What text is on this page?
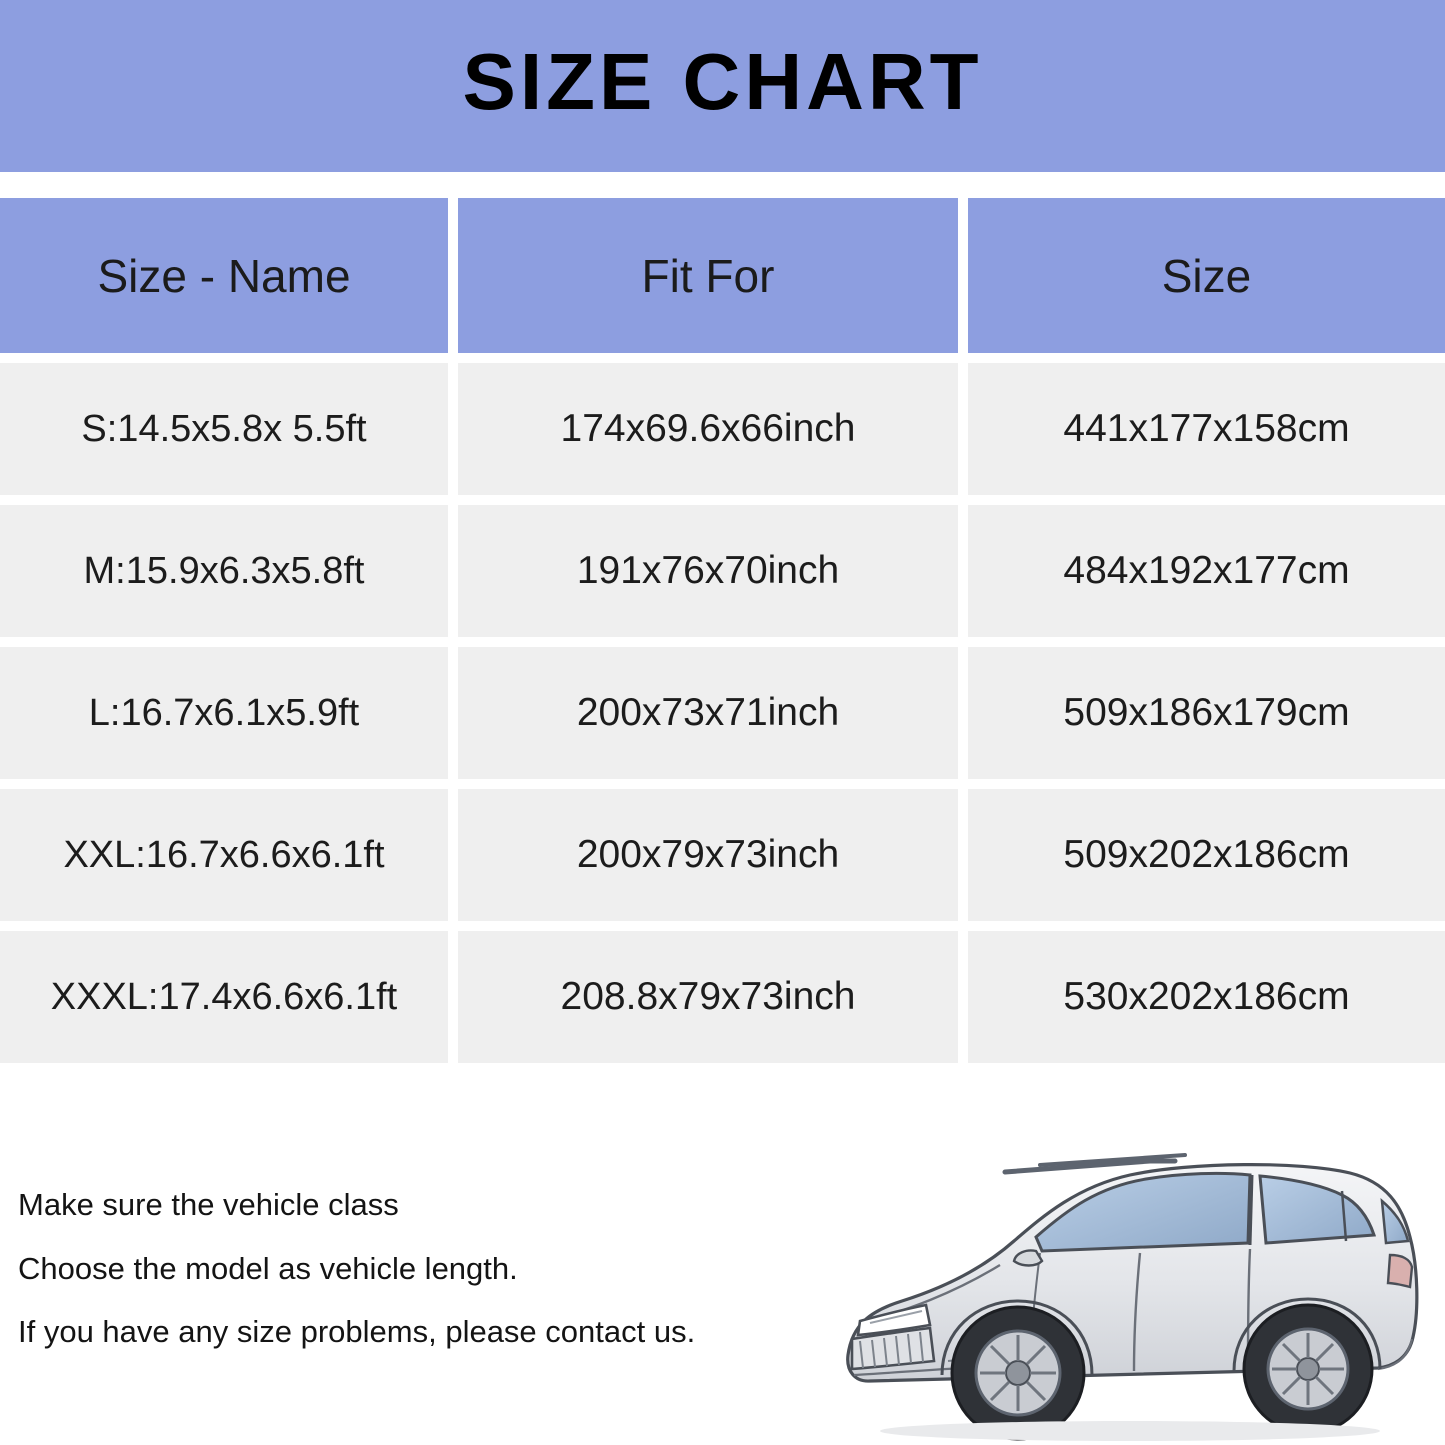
SIZE CHART
Size - Name	Fit For	Size
S:14.5x5.8x 5.5ft	174x69.6x66inch	441x177x158cm
M:15.9x6.3x5.8ft	191x76x70inch	484x192x177cm
L:16.7x6.1x5.9ft	200x73x71inch	509x186x179cm
XXL:16.7x6.6x6.1ft	200x79x73inch	509x202x186cm
XXXL:17.4x6.6x6.1ft	208.8x79x73inch	530x202x186cm
Make sure the vehicle class
Choose the model as vehicle length.
If you have any size problems, please contact us.
